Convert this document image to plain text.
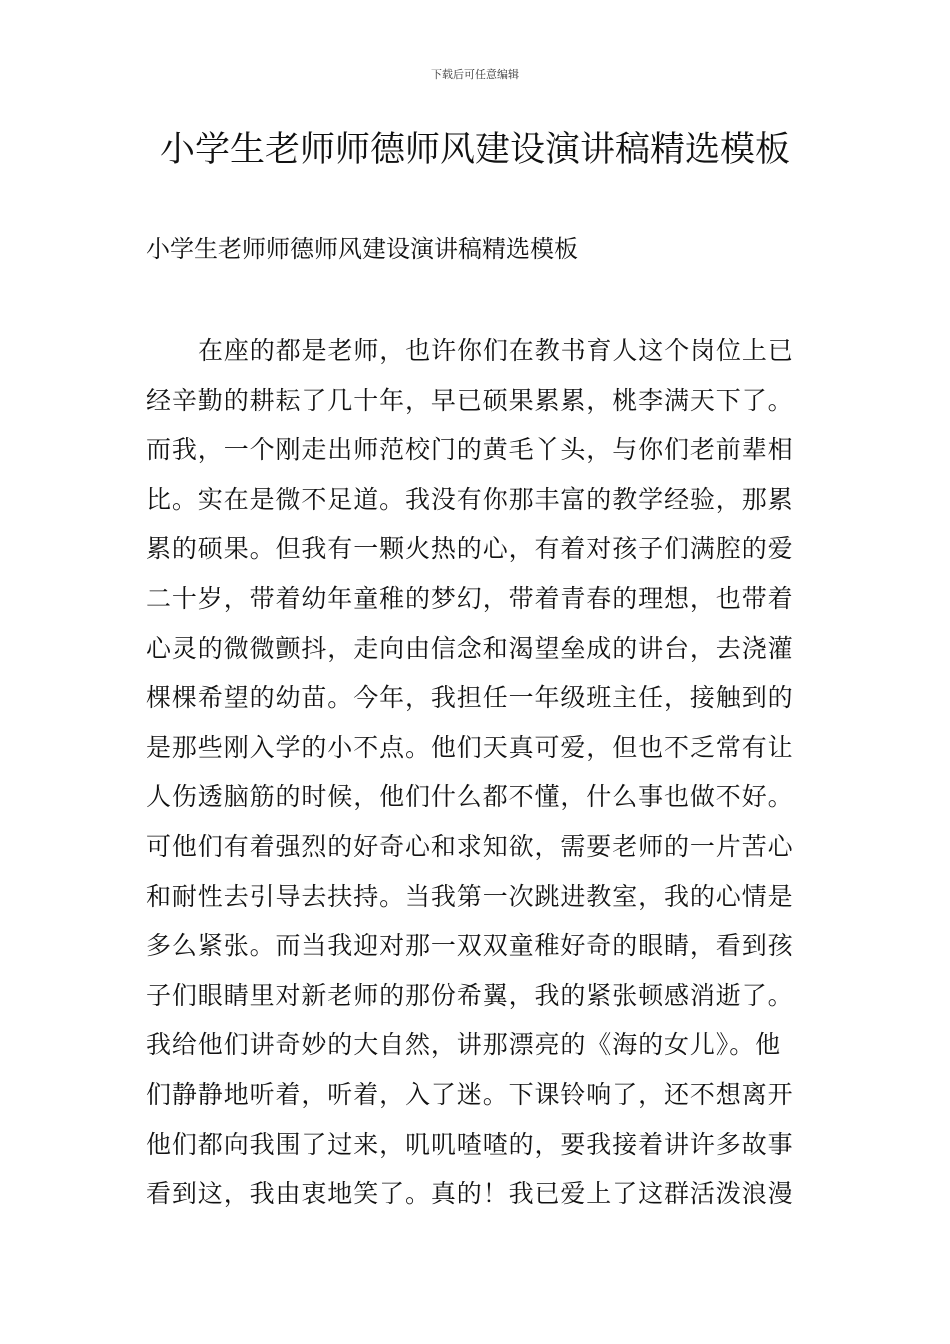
下载后可任意编辑
小学生老师师德师风建设演讲稿精选模板
小学生老师师德师风建设演讲稿精选模板
在座的都是老师，也许你们在教书育人这个岗位上已
经辛勤的耕耘了几十年，早已硕果累累，桃李满天下了。
而我，一个刚走出师范校门的黄毛丫头，与你们老前辈相
比。实在是微不足道。我没有你那丰富的教学经验，那累
累的硕果。但我有一颗火热的心，有着对孩子们满腔的爱
二十岁，带着幼年童稚的梦幻，带着青春的理想，也带着
心灵的微微颤抖，走向由信念和渴望垒成的讲台，去浇灌
棵棵希望的幼苗。今年，我担任一年级班主任，接触到的
是那些刚入学的小不点。他们天真可爱，但也不乏常有让
人伤透脑筋的时候，他们什么都不懂，什么事也做不好。
可他们有着强烈的好奇心和求知欲，需要老师的一片苦心
和耐性去引导去扶持。当我第一次跳进教室，我的心情是
多么紧张。而当我迎对那一双双童稚好奇的眼睛，看到孩
子们眼睛里对新老师的那份希翼，我的紧张顿感消逝了。
我给他们讲奇妙的大自然，讲那漂亮的《海的女儿》。他
们静静地听着，听着，入了迷。下课铃响了，还不想离开
他们都向我围了过来，叽叽喳喳的，要我接着讲许多故事
看到这，我由衷地笑了。真的！我已爱上了这群活泼浪漫
